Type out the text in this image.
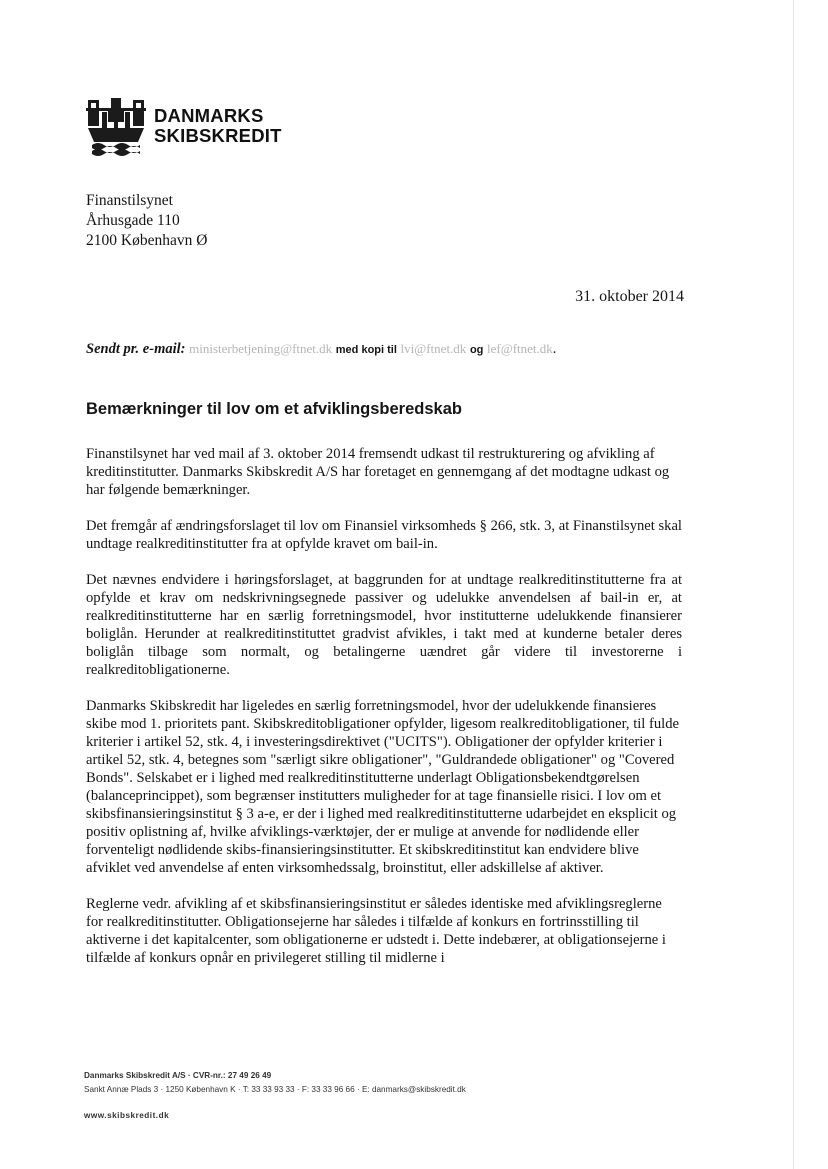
DANMARKS
SKIBSKREDIT
Finanstilsynet
Århusgade 110
2100 København Ø
31. oktober 2014
Sendt pr. e-mail: ministerbetjening@ftnet.dk med kopi til lvi@ftnet.dk og lef@ftnet.dk.
Bemærkninger til lov om et afviklingsberedskab

Finanstilsynet har ved mail af 3. oktober 2014 fremsendt udkast til restrukturering og afvikling af kreditinstitutter. Danmarks Skibskredit A/S har foretaget en gennemgang af det modtagne udkast og har følgende bemærkninger.

Det fremgår af ændringsforslaget til lov om Finansiel virksomheds § 266, stk. 3, at Finanstilsynet skal undtage realkreditinstitutter fra at opfylde kravet om bail-in.

Det nævnes endvidere i høringsforslaget, at baggrunden for at undtage realkreditinstitutterne fra at opfylde et krav om nedskrivningsegnede passiver og udelukke anvendelsen af bail-in er, at realkreditinstitutterne har en særlig forretningsmodel, hvor institutterne udelukkende finansierer boliglån. Herunder at realkreditinstituttet gradvist afvikles, i takt med at kunderne betaler deres boliglån tilbage som normalt, og betalingerne uændret går videre til investorerne i realkreditobligationerne.

Danmarks Skibskredit har ligeledes en særlig forretningsmodel, hvor der udelukkende finansieres skibe mod 1. prioritets pant. Skibskreditobligationer opfylder, ligesom realkreditobligationer, til fulde kriterier i artikel 52, stk. 4, i investeringsdirektivet ("UCITS"). Obligationer der opfylder kriterier i artikel 52, stk. 4, betegnes som "særligt sikre obligationer", "Guldrandede obligationer" og "Covered Bonds". Selskabet er i lighed med realkreditinstitutterne underlagt Obligationsbekendtgørelsen (balanceprincippet), som begrænser institutters muligheder for at tage finansielle risici. I lov om et skibsfinansieringsinstitut § 3 a-e, er der i lighed med realkreditinstitutterne udarbejdet en eksplicit og positiv oplistning af, hvilke afviklings-værktøjer, der er mulige at anvende for nødlidende eller forventeligt nødlidende skibs-finansieringsinstitutter. Et skibskreditinstitut kan endvidere blive afviklet ved anvendelse af enten virksomhedssalg, broinstitut, eller adskillelse af aktiver.

Reglerne vedr. afvikling af et skibsfinansieringsinstitut er således identiske med afviklingsreglerne for realkreditinstitutter. Obligationsejerne har således i tilfælde af konkurs en fortrinsstilling til aktiverne i det kapitalcenter, som obligationerne er udstedt i. Dette indebærer, at obligationsejerne i tilfælde af konkurs opnår en privilegeret stilling til midlerne i

Danmarks Skibskredit A/S · CVR-nr.: 27 49 26 49
Sankt Annæ Plads 3 · 1250 København K · T: 33 33 93 33 · F: 33 33 96 66 · E: danmarks@skibskredit.dk
www.skibskredit.dk
